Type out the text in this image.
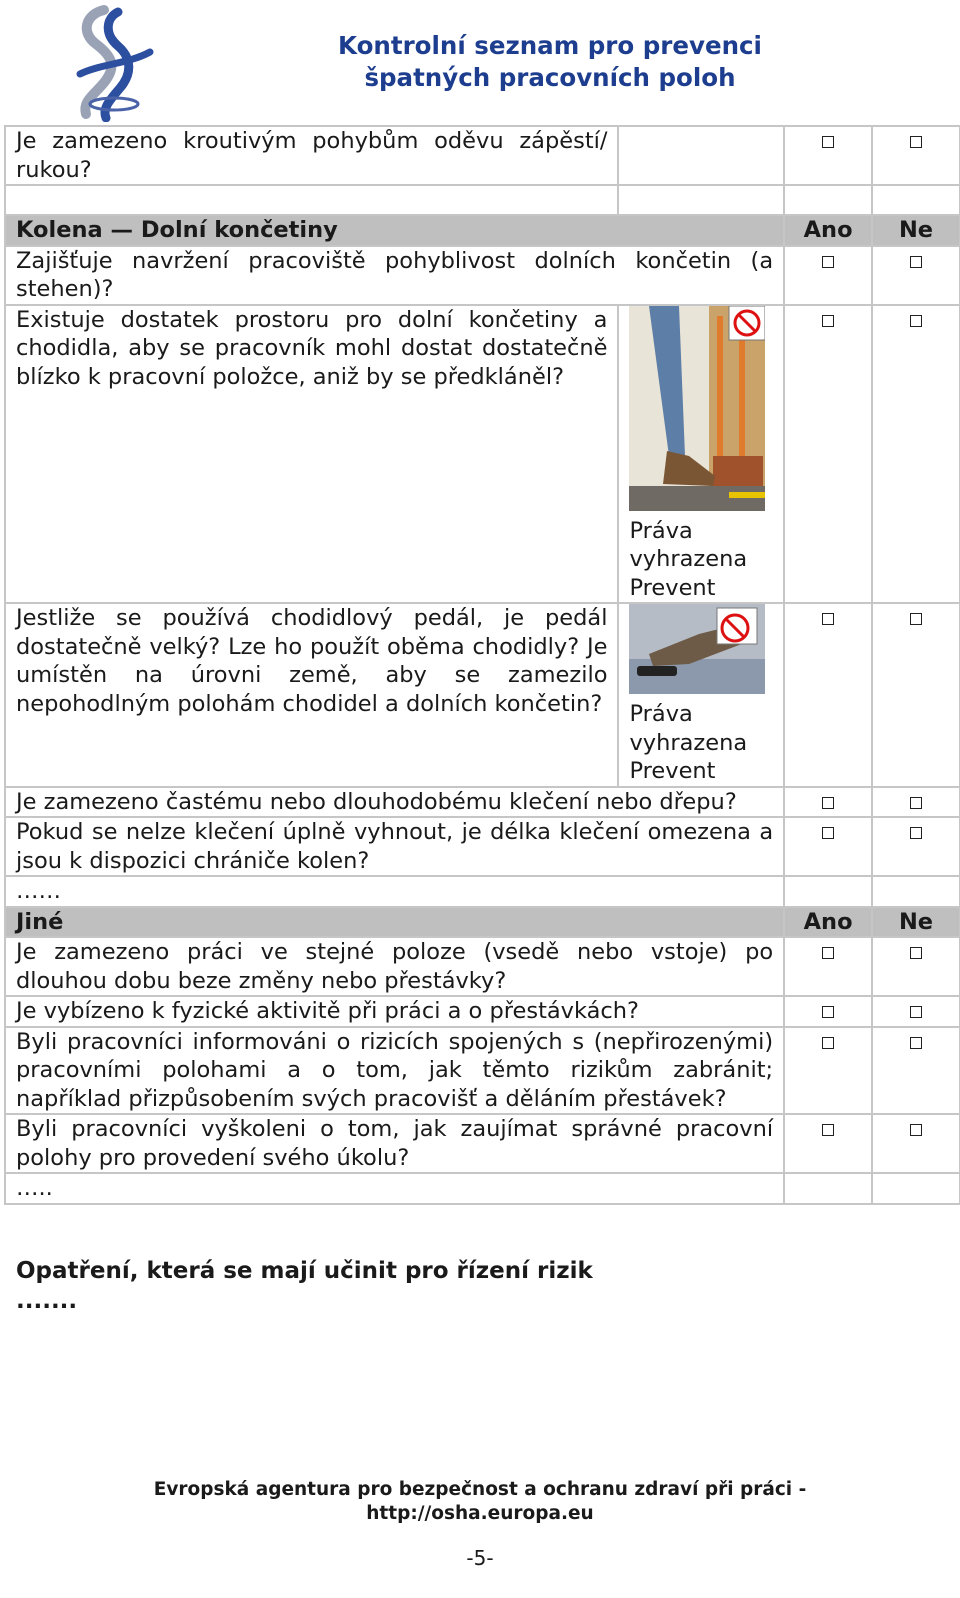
Kontrolní seznam pro prevenci
špatných pracovních poloh
Je zamezeno kroutivým pohybům oděvu zápěstí/ rukou?			

Kolena — Dolní končetiny		Ano	Ne
Zajišťuje navržení pracoviště pohyblivost dolních končetin (a stehen)?			
Existuje dostatek prostoru pro dolní končetiny a chodidla, aby se pracovník mohl dostat dostatečně blízko k pracovní položce, aniž by se předkláněl?	Práva vyhrazena Prevent		

Jestliže se používá chodidlový pedál, je pedál dostatečně velký? Lze ho použít oběma chodidly? Je umístěn na úrovni země, aby se zamezilo nepohodlným polohám chodidel a dolních končetin?	Práva vyhrazena Prevent		

Je zamezeno častému nebo dlouhodobému klečení nebo dřepu?			
Pokud se nelze klečení úplně vyhnout, je délka klečení omezena a jsou k dispozici chrániče kolen?			
……			
Jiné		Ano	Ne
Je zamezeno práci ve stejné poloze (vsedě nebo vstoje) po dlouhou dobu beze změny nebo přestávky?			
Je vybízeno k fyzické aktivitě při práci a o přestávkách?			
Byli pracovníci informováni o rizicích spojených s (nepřirozenými) pracovními polohami a o tom, jak těmto rizikům zabránit; například přizpůsobením svých pracovišť a děláním přestávek?			
Byli pracovníci vyškoleni o tom, jak zaujímat správné pracovní polohy pro provedení svého úkolu?			
…..			
Opatření, která se mají učinit pro řízení rizik
.......
Evropská agentura pro bezpečnost a ochranu zdraví při práci -
http://osha.europa.eu
-5-
